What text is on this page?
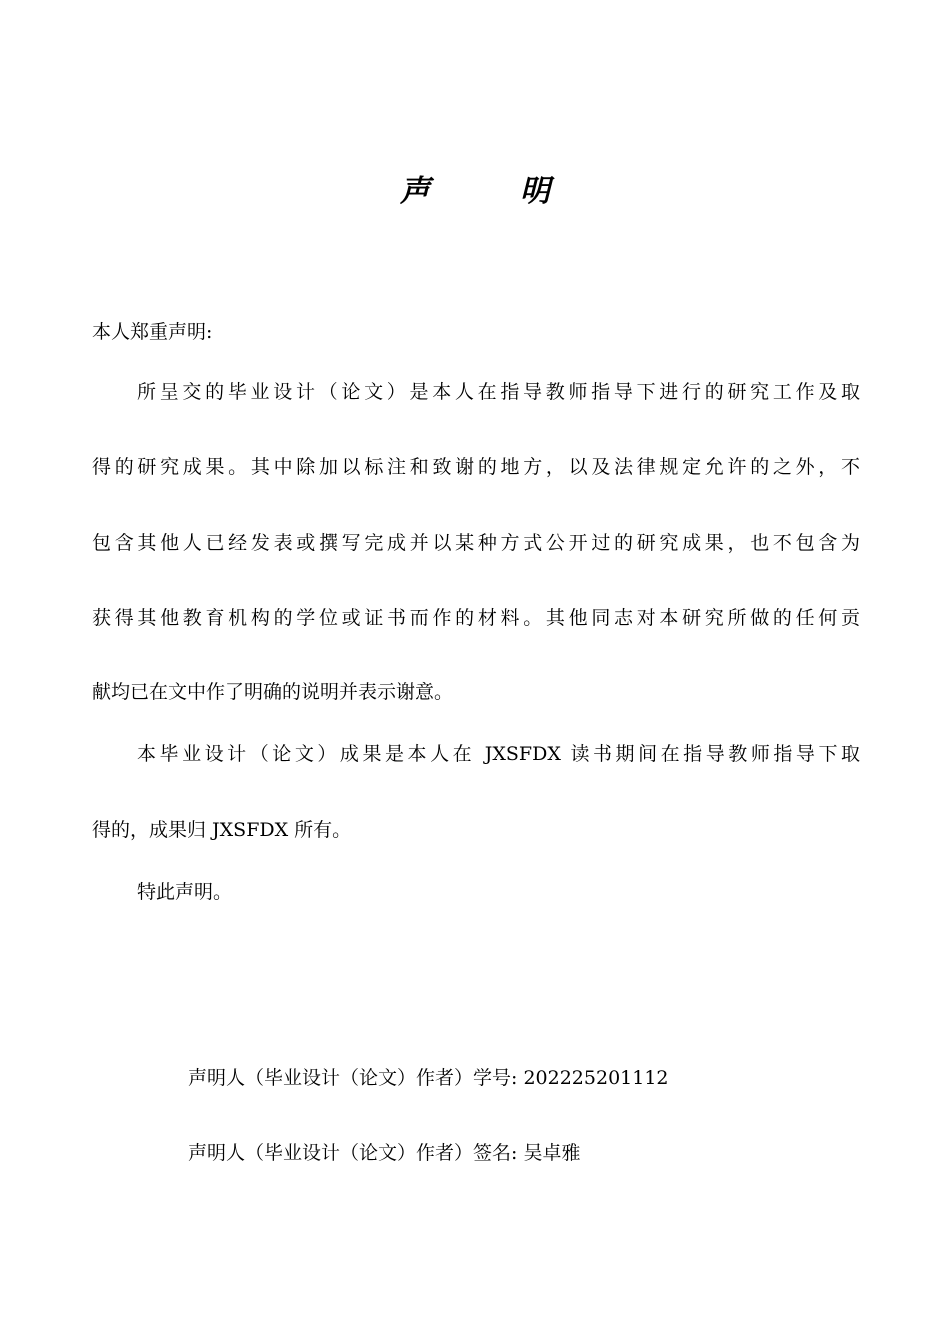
声	明
本人郑重声明:
所呈交的毕业设计（论文）是本人在指导教师指导下进行的研究工作及取
得的研究成果。其中除加以标注和致谢的地方，以及法律规定允许的之外，不
包含其他人已经发表或撰写完成并以某种方式公开过的研究成果，也不包含为
获得其他教育机构的学位或证书而作的材料。其他同志对本研究所做的任何贡
献均已在文中作了明确的说明并表示谢意。
本毕业设计（论文）成果是本人在 JXSFDX 读书期间在指导教师指导下取
得的，成果归 JXSFDX 所有。
特此声明。
声明人（毕业设计（论文）作者）学号: 202225201112
声明人（毕业设计（论文）作者）签名: 吴卓雅
